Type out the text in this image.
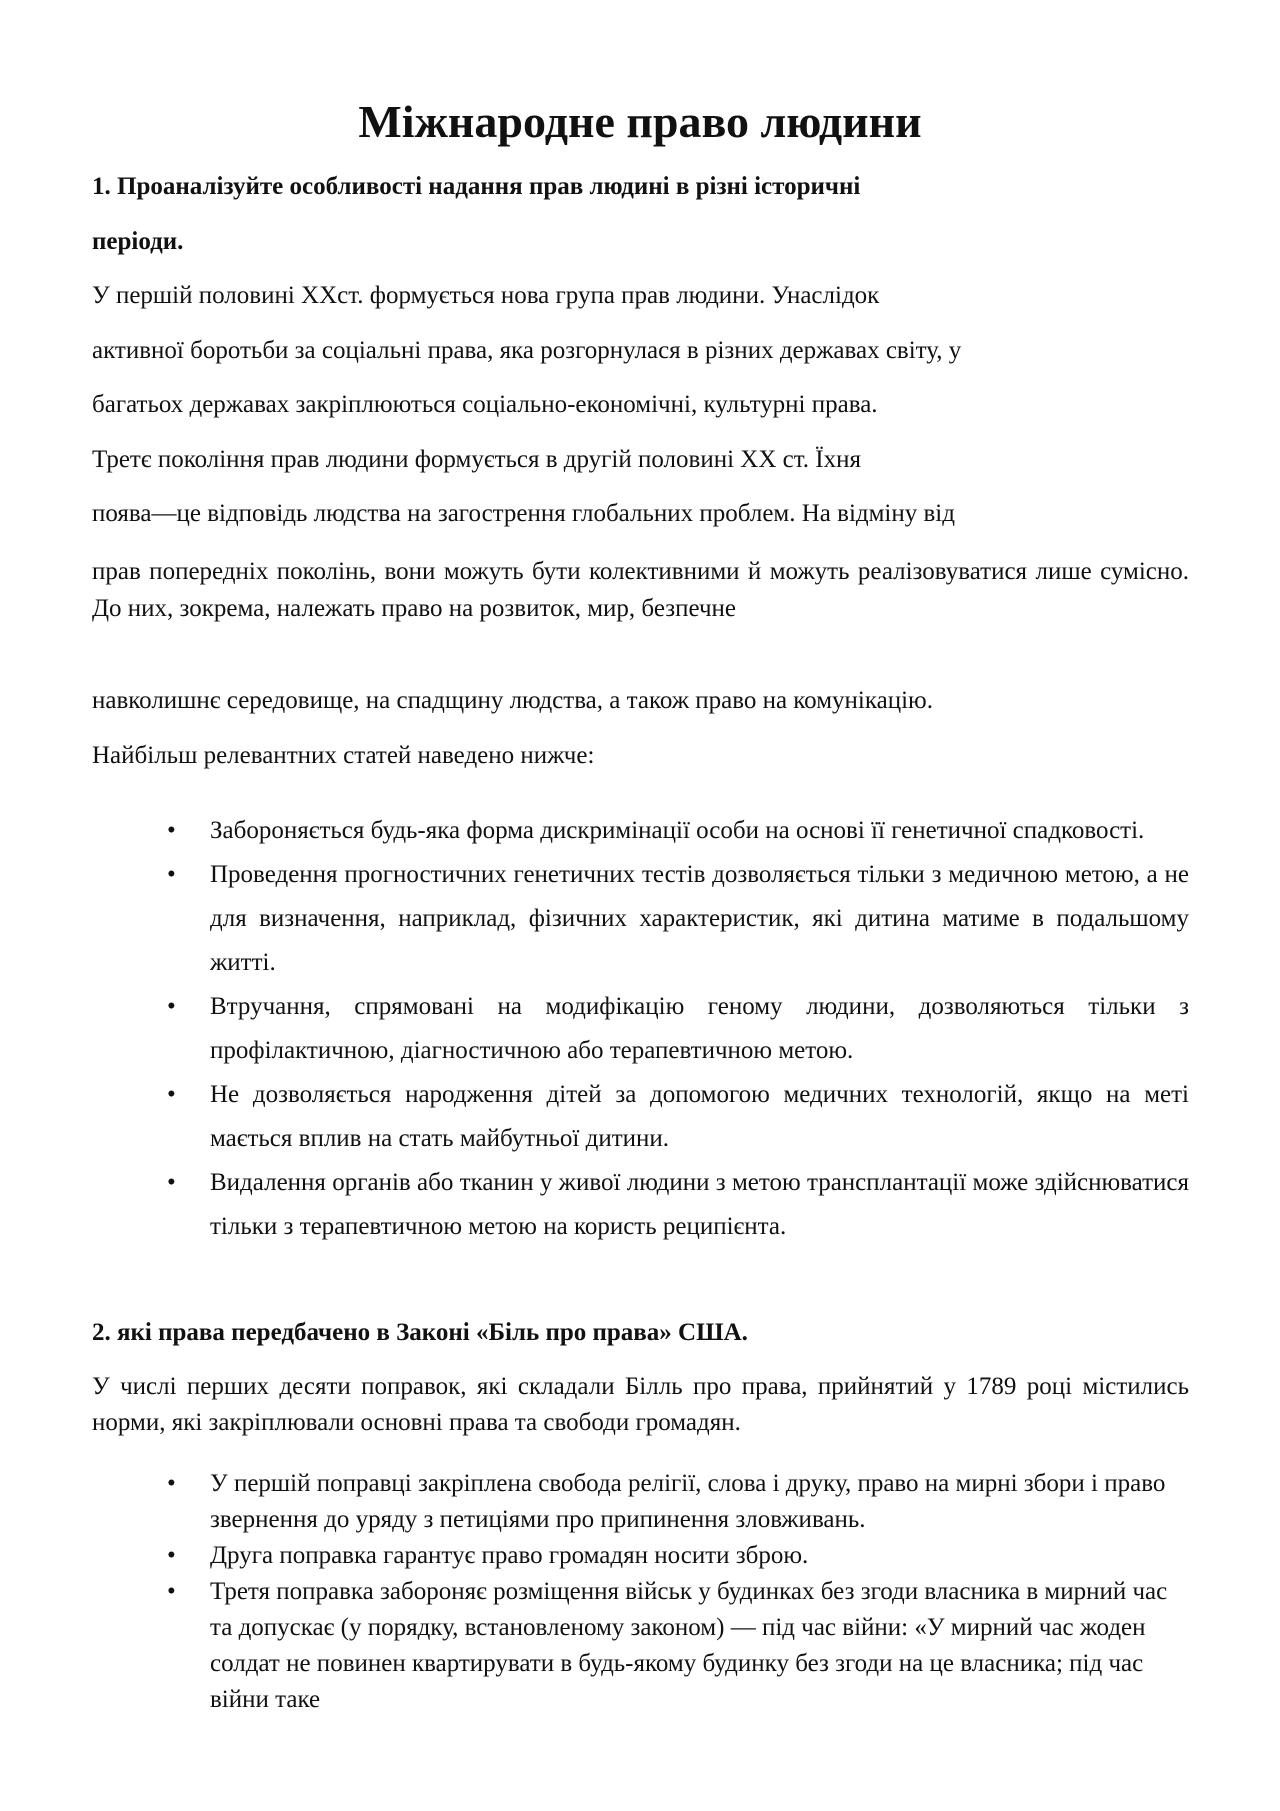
Міжнародне право людини

1. Проаналізуйте особливості надання прав людині в різні історичні

періоди.

У першій половині XXст. формується нова група прав людини. Унаслідок

активної боротьби за соціальні права, яка розгорнулася в різних державах світу, у

багатьох державах закріплюються соціально-економічні, культурні права.

Третє покоління прав людини формується в другій половині XX ст. Їхня

поява—це відповідь людства на загострення глобальних проблем. На відміну від

прав попередніх поколінь, вони можуть бути колективними й можуть реалізовуватися лише сумісно. До них, зокрема, належать право на розвиток, мир, безпечне

навколишнє середовище, на спадщину людства, а також право на комунікацію.

Найбільш релевантних статей наведено нижче:

• Забороняється будь-яка форма дискримінації особи на основі її генетичної спадковості.
• Проведення прогностичних генетичних тестів дозволяється тільки з медичною метою, а не для визначення, наприклад, фізичних характеристик, які дитина матиме в подальшому житті.
• Втручання, спрямовані на модифікацію геному людини, дозволяються тільки з профілактичною, діагностичною або терапевтичною метою.
• Не дозволяється народження дітей за допомогою медичних технологій, якщо на меті мається вплив на стать майбутньої дитини.
• Видалення органів або тканин у живої людини з метою трансплантації може здійснюватися тільки з терапевтичною метою на користь реципієнта.

2. які права передбачено в Законі «Біль про права» США.

У числі перших десяти поправок, які складали Білль про права, прийнятий у 1789 році містились норми, які закріплювали основні права та свободи громадян.

• У першій поправці закріплена свобода релігії, слова і друку, право на мирні збори і право звернення до уряду з петиціями про припинення зловживань.
• Друга поправка гарантує право громадян носити зброю.
• Третя поправка забороняє розміщення військ у будинках без згоди власника в мирний час та допускає (у порядку, встановленому законом) — під час війни: «У мирний час жоден солдат не повинен квартирувати в будь-якому будинку без згоди на це власника; під час війни таке
